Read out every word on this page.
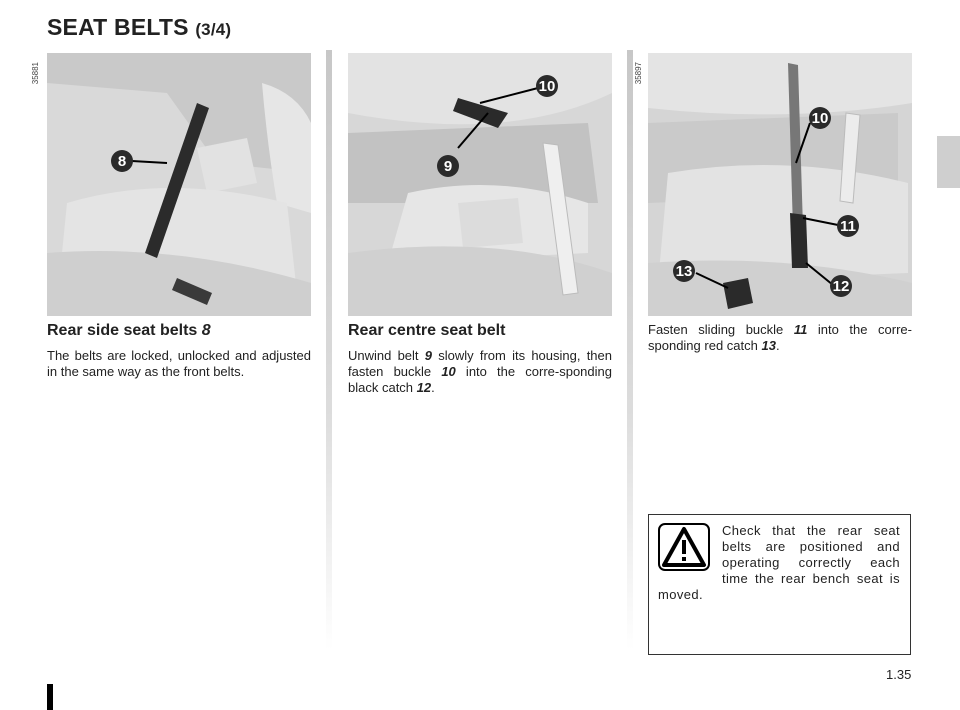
SEAT BELTS (3/4)
35881
8
Rear side seat belts 8
The belts are locked, unlocked and adjusted in the same way as the front belts.
10
9
Rear centre seat belt
Unwind belt 9 slowly from its housing, then fasten buckle 10 into the corre-sponding black catch 12.
35897
10
11
13
12
Fasten sliding buckle 11 into the corre-sponding red catch 13.
Check that the rear seat belts are positioned and operating correctly each time the rear bench seat is moved.
1.35
